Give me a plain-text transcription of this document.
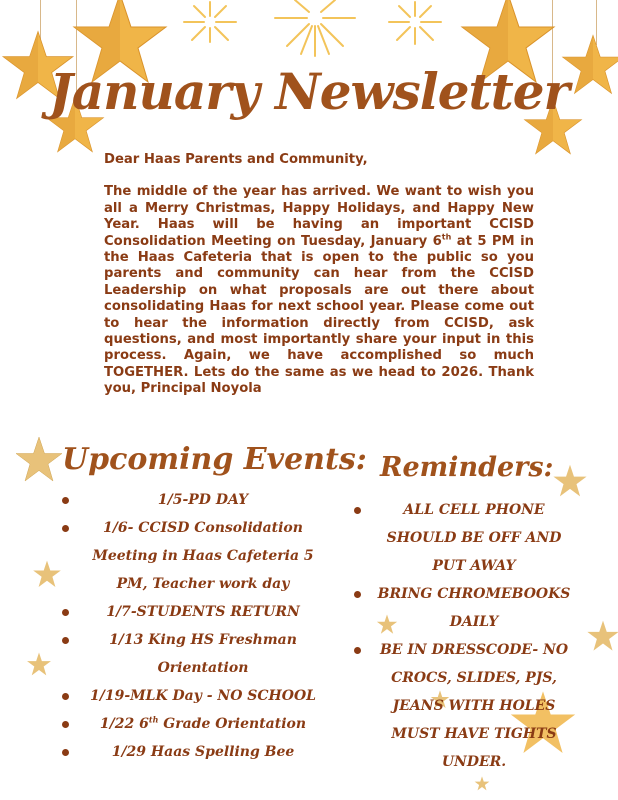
January Newsletter

Dear Haas Parents and Community,

The middle of the year has arrived. We want to wish you all a Merry Christmas, Happy Holidays, and Happy New Year. Haas will be having an important CCISD Consolidation Meeting on Tuesday, January 6th at 5 PM in the Haas Cafeteria that is open to the public so you parents and community can hear from the CCISD Leadership on what proposals are out there about consolidating Haas for next school year. Please come out to hear the information directly from CCISD, ask questions, and most importantly share your input in this process. Again, we have accomplished so much TOGETHER. Lets do the same as we head to 2026. Thank you, Principal Noyola

Upcoming Events:
1/5-PD DAY
1/6- CCISD Consolidation Meeting in Haas Cafeteria 5 PM, Teacher work day
1/7-STUDENTS RETURN
1/13 King HS Freshman Orientation
1/19-MLK Day - NO SCHOOL
1/22 6th Grade Orientation
1/29 Haas Spelling Bee
Reminders:
ALL CELL PHONE SHOULD BE OFF AND PUT AWAY
BRING CHROMEBOOKS DAILY
BE IN DRESSCODE- NO CROCS, SLIDES, PJS, JEANS WITH HOLES MUST HAVE TIGHTS UNDER.
